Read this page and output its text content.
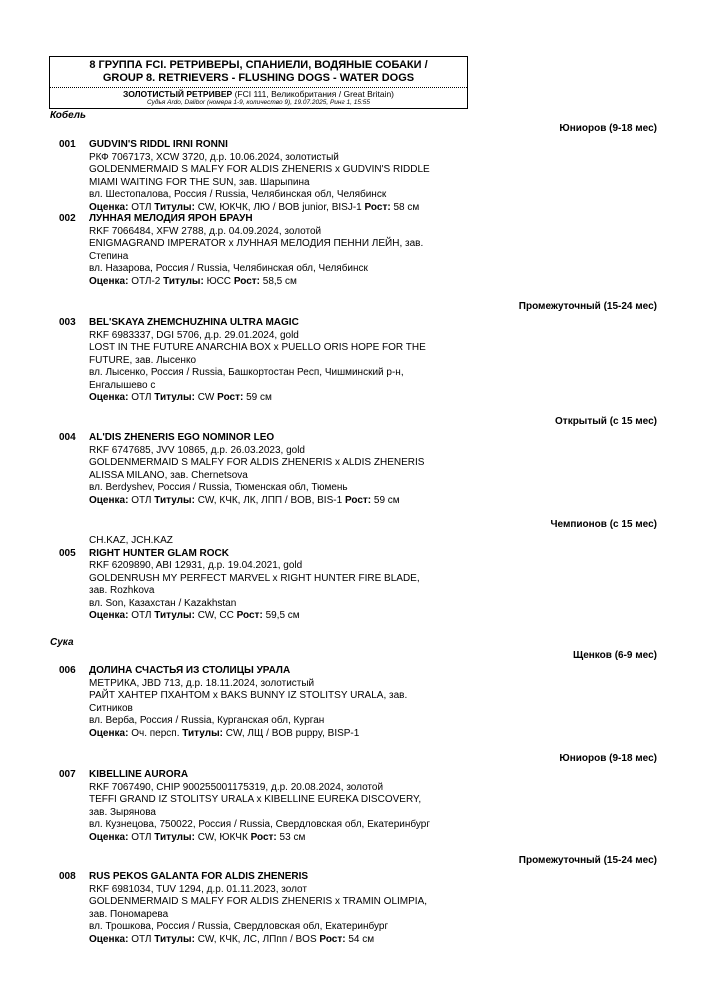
8 ГРУППА FCI. РЕТРИВЕРЫ, СПАНИЕЛИ, ВОДЯНЫЕ СОБАКИ /
GROUP 8. RETRIEVERS - FLUSHING DOGS - WATER DOGS
ЗОЛОТИСТЫЙ РЕТРИВЕР (FCI 111, Великобритания / Great Britain)
Судья Ardo, Dalibor (номера 1-9, количество 9), 19.07.2025, Ринг 1, 15:55
Кобель
Сука
Юниоров (9-18 мес)
Промежуточный (15-24 мес)
Открытый (с 15 мес)
Чемпионов (с 15 мес)
Щенков (6-9 мес)
Юниоров (9-18 мес)
Промежуточный (15-24 мес)
001	GUDVIN'S RIDDL IRNI RONNI
РКФ 7067173, XCW 3720, д.р. 10.06.2024, золотистый
GOLDENMERMAID S MALFY FOR ALDIS ZHENERIS x GUDVIN'S RIDDLE
MIAMI WAITING FOR THE SUN, зав. Шарыпина
вл. Шестопалова, Россия / Russia, Челябинская обл, Челябинск
Оценка: ОТЛ Титулы: CW, ЮКЧК, ЛЮ / BOB junior, BISJ-1 Рост: 58 см
002	ЛУННАЯ МЕЛОДИЯ ЯРОН БРАУН
RKF 7066484, XFW 2788, д.р. 04.09.2024, золотой
ENIGMAGRAND IMPERATOR x ЛУННАЯ МЕЛОДИЯ ПЕННИ ЛЕЙН, зав.
Степина
вл. Назарова, Россия / Russia, Челябинская обл, Челябинск
Оценка: ОТЛ-2 Титулы: ЮСС Рост: 58,5 см
003	BEL'SKAYA ZHEMCHUZHINA ULTRA MAGIC
RKF 6983337, DGI 5706, д.р. 29.01.2024, gold
LOST IN THE FUTURE ANARCHIA BOX x PUELLO ORIS HOPE FOR THE
FUTURE, зав. Лысенко
вл. Лысенко, Россия / Russia, Башкортостан Респ, Чишминский р-н,
Енгалышево с
Оценка: ОТЛ Титулы: CW Рост: 59 см
004	AL'DIS ZHENERIS EGO NOMINOR LEO
RKF 6747685, JVV 10865, д.р. 26.03.2023, gold
GOLDENMERMAID S MALFY FOR ALDIS ZHENERIS x ALDIS ZHENERIS
ALISSA MILANO, зав. Chernetsova
вл. Berdyshev, Россия / Russia, Тюменская обл, Тюмень
Оценка: ОТЛ Титулы: CW, КЧК, ЛК, ЛПП / BOB, BIS-1 Рост: 59 см
CH.KAZ, JCH.KAZ
005	RIGHT HUNTER GLAM ROCK
RKF 6209890, ABI 12931, д.р. 19.04.2021, gold
GOLDENRUSH MY PERFECT MARVEL x RIGHT HUNTER FIRE BLADE,
зав. Rozhkova
вл. Son, Казахстан / Kazakhstan
Оценка: ОТЛ Титулы: CW, CC Рост: 59,5 см
006	ДОЛИНА СЧАСТЬЯ ИЗ СТОЛИЦЫ УРАЛА
МЕТРИКА, JBD 713, д.р. 18.11.2024, золотистый
РАЙТ ХАНТЕР ПХАНТОМ x BAKS BUNNY IZ STOLITSY URALA, зав.
Ситников
вл. Верба, Россия / Russia, Курганская обл, Курган
Оценка: Оч. персп. Титулы: CW, ЛЩ / BOB puppy, BISP-1
007	KIBELLINE AURORA
RKF 7067490, CHIP 900255001175319, д.р. 20.08.2024, золотой
TEFFI GRAND IZ STOLITSY URALA x KIBELLINE EUREKA DISCOVERY,
зав. Зырянова
вл. Кузнецова, 750022, Россия / Russia, Свердловская обл, Екатеринбург
Оценка: ОТЛ Титулы: CW, ЮКЧК Рост: 53 см
008	RUS PEKOS GALANTA FOR ALDIS ZHENERIS
RKF 6981034, TUV 1294, д.р. 01.11.2023, золот
GOLDENMERMAID S MALFY FOR ALDIS ZHENERIS x TRAMIN OLIMPIA,
зав. Пономарева
вл. Трошкова, Россия / Russia, Свердловская обл, Екатеринбург
Оценка: ОТЛ Титулы: CW, КЧК, ЛС, ЛПпп / BOS Рост: 54 см
